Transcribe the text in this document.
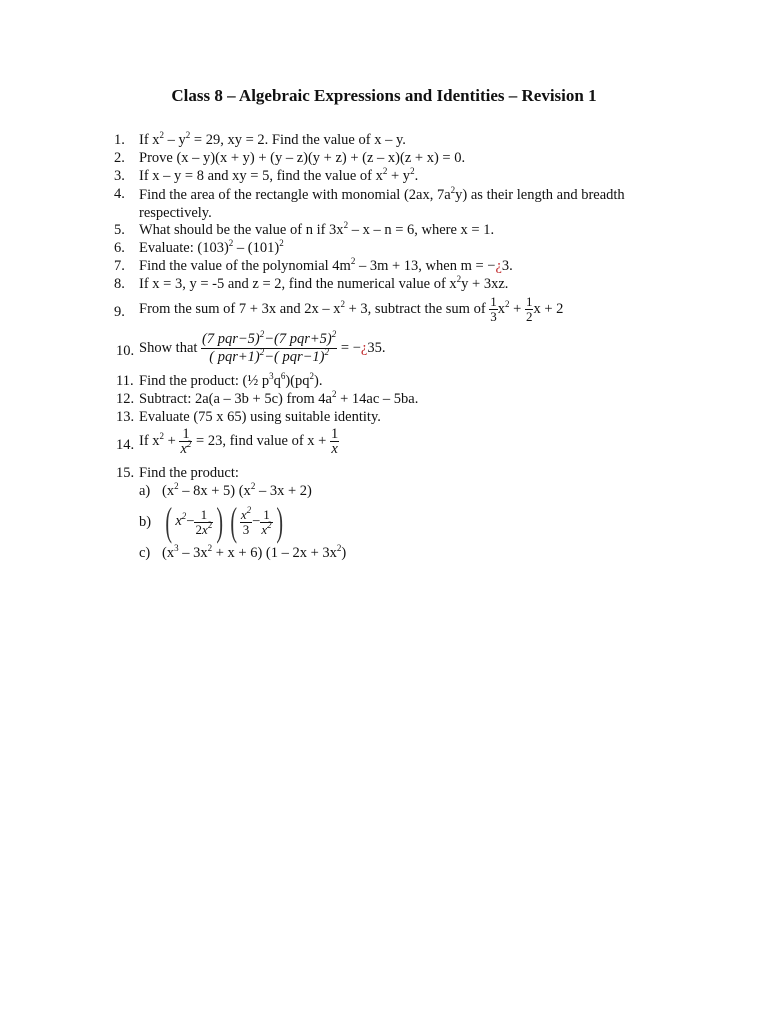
Class 8 – Algebraic Expressions and Identities – Revision 1
1. If $x^2 - y^2 = 29$, xy = 2. Find the value of x – y.
2. Prove (x – y)(x + y) + (y – z)(y + z) + (z – x)(z + x) = 0.
3. If x – y = 8 and xy = 5, find the value of $x^2 + y^2$.
4. Find the area of the rectangle with monomial (2ax, $7a^2y$) as their length and breadth respectively.
5. What should be the value of n if $3x^2 - x - n = 6$, where x = 1.
6. Evaluate: $(103)^2 - (101)^2$
7. Find the value of the polynomial $4m^2 - 3m + 13$, when m = −¿3.
8. If x = 3, y = -5 and z = 2, find the numerical value of $x^2y + 3xz$.
9. From the sum of 7 + 3x and $2x - x^2 + 3$, subtract the sum of $\frac{1}{3} x^2 + \frac{1}{2}$ x + 2
10. Show that $\frac{(7 pqr-5)^2-(7 pqr+5)^2}{( pqr+1)^2-( pqr-1)^2}$ = −¿35.
11. Find the product: (½ $p^3q^6)(pq^2)$.
12. Subtract: 2a(a – 3b + 5c) from $4a^2 + 14ac - 5ba$.
13. Evaluate (75 x 65) using suitable identity.
14. If $x^2 + \frac{1}{x^2} = 23$, find value of $x + \frac{1}{x}$
15. Find the product:
a) $(x^2 - 8x + 5)$ $(x^2 - 3x + 2)$
b) ( $x^2- \frac{1}{2x^2}$ ) ( $\frac{x^2}{3} - \frac{1}{x^2}$ )
c) $(x^3 - 3x^2 + x + 6)$ $(1 - 2x + 3x^2)$
